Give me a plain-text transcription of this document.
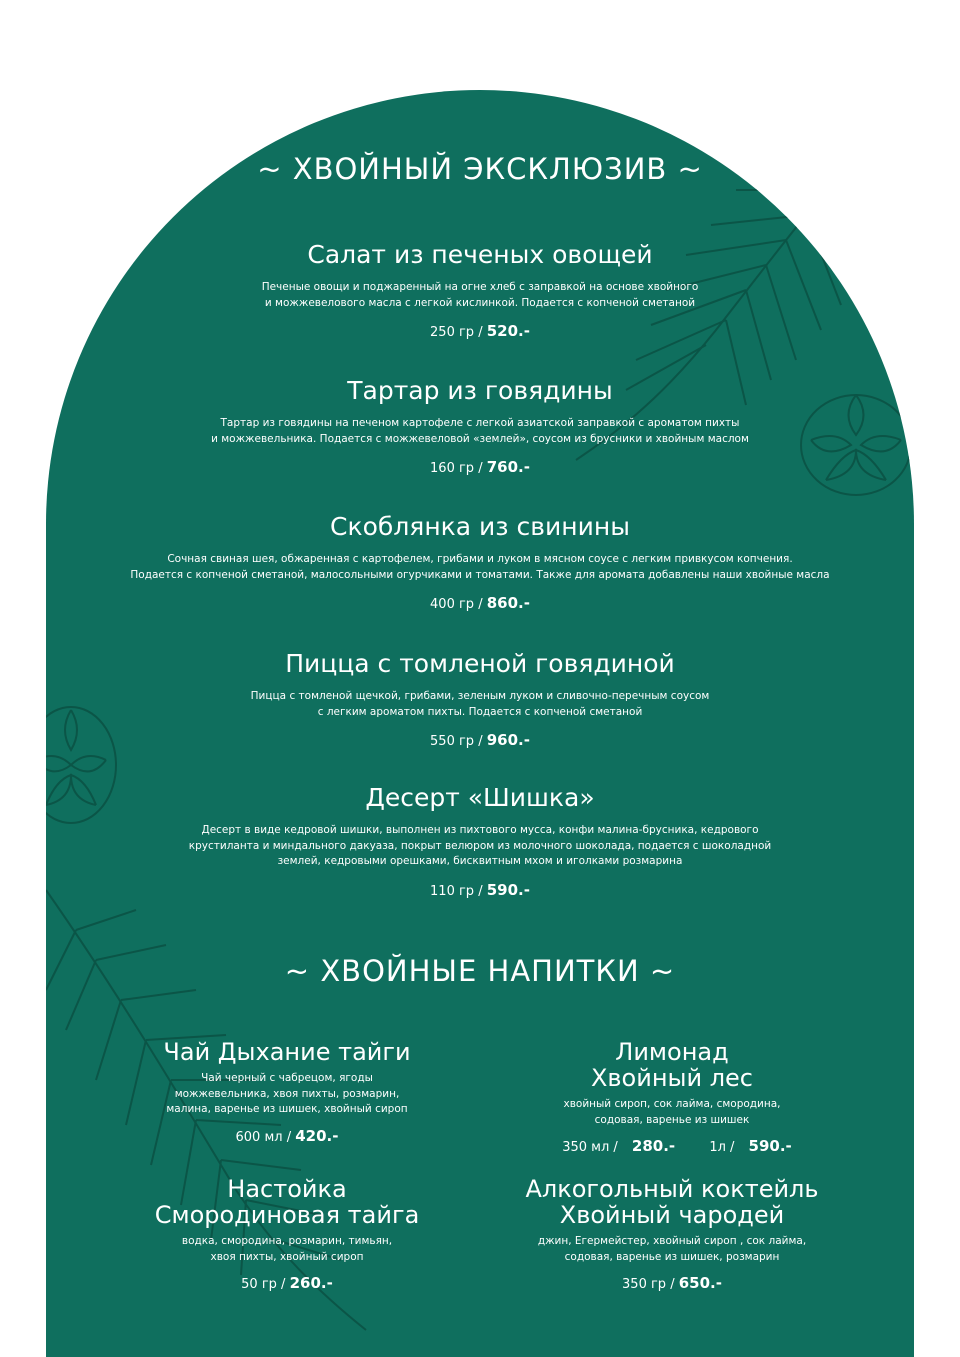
~ ХВОЙНЫЙ ЭКСКЛЮЗИВ ~
Салат из печеных овощей
Печеные овощи и поджаренный на огне хлеб с заправкой на основе хвойного
и можжевелового масла с легкой кислинкой. Подается с копченой сметаной
250 гр / 520.-
Тартар из говядины
Тартар из говядины на печеном картофеле с легкой азиатской заправкой с ароматом пихты
и можжевельника. Подается с можжевеловой «землей», соусом из брусники и хвойным маслом
160 гр / 760.-
Скоблянка из свинины
Сочная свиная шея, обжаренная с картофелем, грибами и луком в мясном соусе с легким привкусом копчения.
Подается с копченой сметаной, малосольными огурчиками и томатами. Также для аромата добавлены наши хвойные масла
400 гр / 860.-
Пицца с томленой говядиной
Пицца с томленой щечкой, грибами, зеленым луком и сливочно-перечным соусом
с легким ароматом пихты. Подается с копченой сметаной
550 гр / 960.-
Десерт «Шишка»
Десерт в виде кедровой шишки, выполнен из пихтового мусса, конфи малина-брусника, кедрового
крустиланта и миндального дакуаза, покрыт велюром из молочного шоколада, подается с шоколадной
землей, кедровыми орешками, бисквитным мхом и иголками розмарина
110 гр / 590.-
~ ХВОЙНЫЕ НАПИТКИ ~
Чай Дыхание тайги
Чай черный с чабрецом, ягоды
можжевельника, хвоя пихты, розмарин,
малина, варенье из шишек, хвойный сироп
600 мл / 420.-
Лимонад
Хвойный лес
хвойный сироп, сок лайма, смородина,
содовая, варенье из шишек
350 мл / 280.-	1л / 590.-
Настойка
Смородиновая тайга
водка, смородина, розмарин, тимьян,
хвоя пихты, хвойный сироп
50 гр / 260.-
Алкогольный коктейль
Хвойный чародей
джин, Егермейстер, хвойный сироп , сок лайма,
содовая, варенье из шишек, розмарин
350 гр / 650.-
